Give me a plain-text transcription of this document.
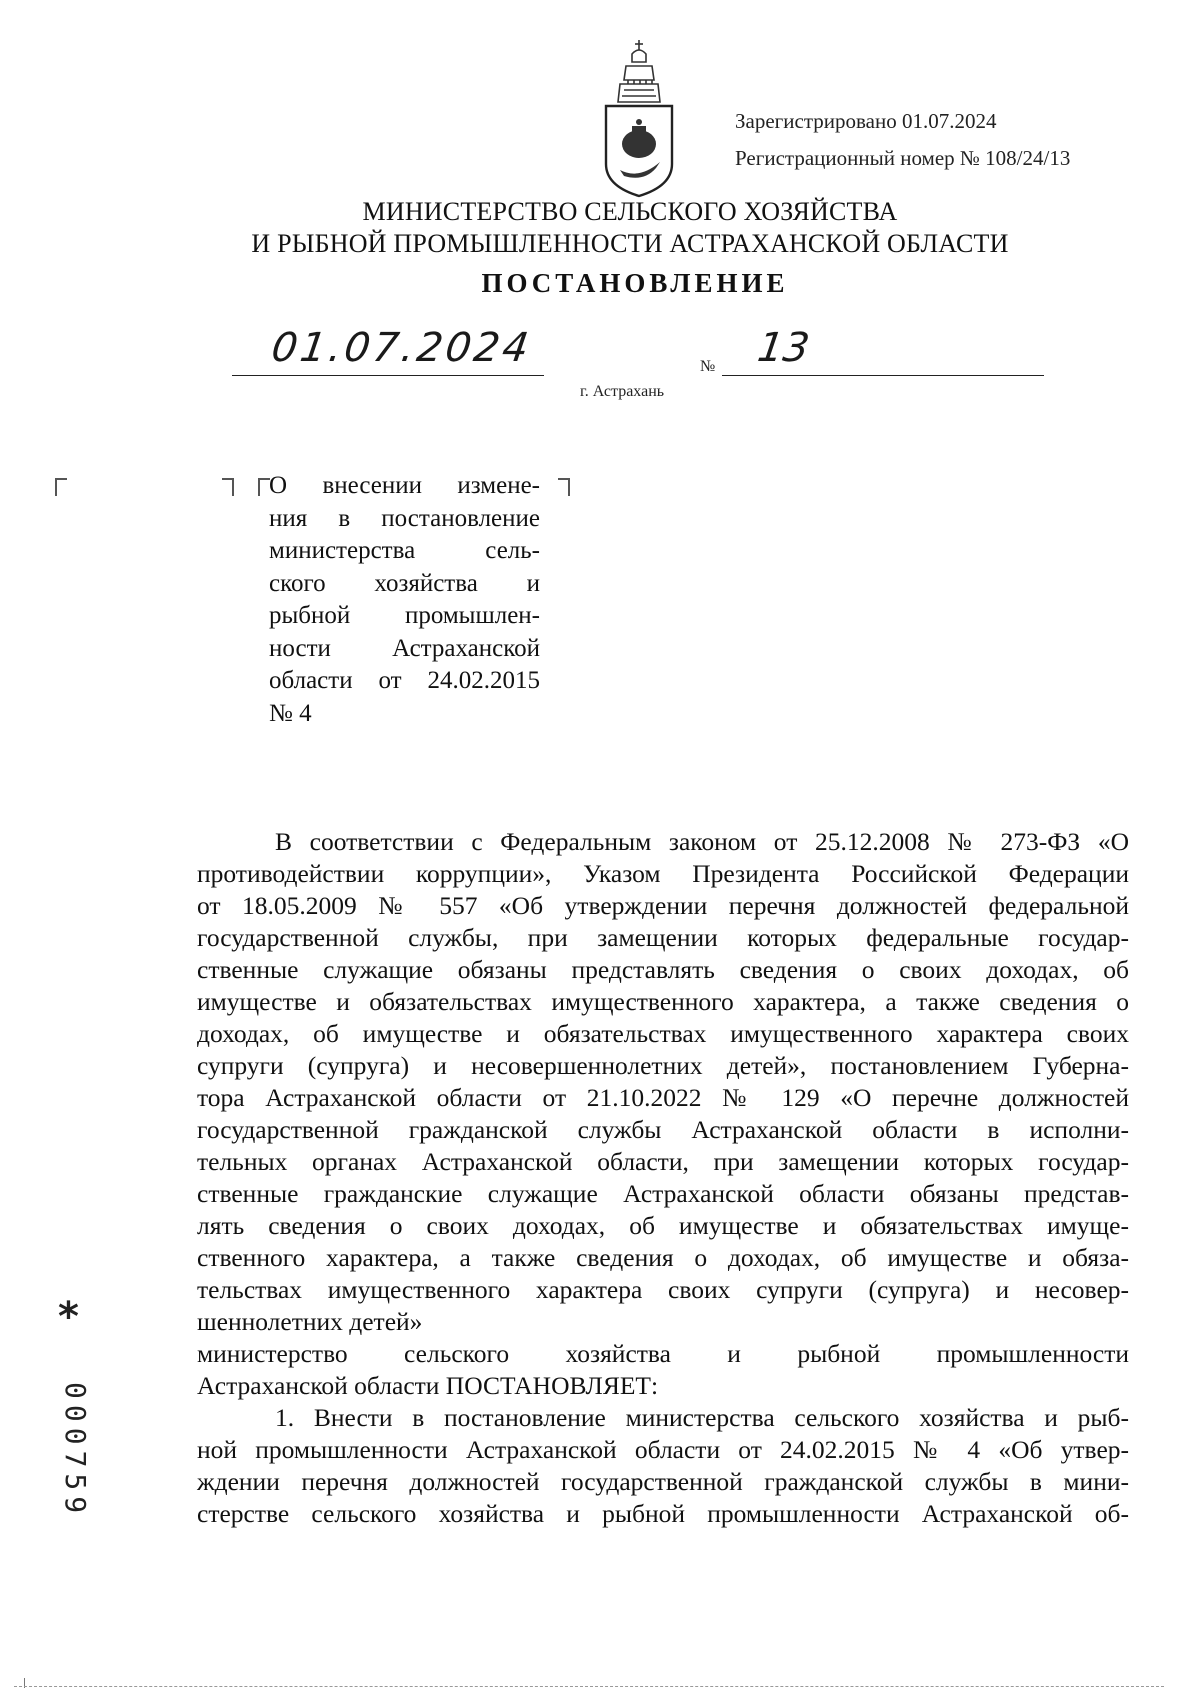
Зарегистрировано 01.07.2024
Регистрационный номер № 108/24/13
МИНИСТЕРСТВО СЕЛЬСКОГО ХОЗЯЙСТВА
И РЫБНОЙ ПРОМЫШЛЕННОСТИ АСТРАХАНСКОЙ ОБЛАСТИ
ПОСТАНОВЛЕНИЕ
01.07.2024	№ 13
г. Астрахань
О внесении измене-
ния в постановление
министерства сель-
ского хозяйства и
рыбной промышлен-
ности Астраханской
области от 24.02.2015
№ 4
В соответствии с Федеральным законом от 25.12.2008 № 273-ФЗ «О
противодействии коррупции», Указом Президента Российской Федерации
от 18.05.2009 № 557 «Об утверждении перечня должностей федеральной
государственной службы, при замещении которых федеральные государ-
ственные служащие обязаны представлять сведения о своих доходах, об
имуществе и обязательствах имущественного характера, а также сведения о
доходах, об имуществе и обязательствах имущественного характера своих
супруги (супруга) и несовершеннолетних детей», постановлением Губерна-
тора Астраханской области от 21.10.2022 № 129 «О перечне должностей
государственной гражданской службы Астраханской области в исполни-
тельных органах Астраханской области, при замещении которых государ-
ственные гражданские служащие Астраханской области обязаны представ-
лять сведения о своих доходах, об имуществе и обязательствах имуще-
ственного характера, а также сведения о доходах, об имуществе и обяза-
тельствах имущественного характера своих супруги (супруга) и несовер-
шеннолетних детей»
министерство сельского хозяйства и рыбной промышленности
Астраханской области ПОСТАНОВЛЯЕТ:
1. Внести в постановление министерства сельского хозяйства и рыб-
ной промышленности Астраханской области от 24.02.2015 № 4 «Об утвер-
ждении перечня должностей государственной гражданской службы в мини-
стерстве сельского хозяйства и рыбной промышленности Астраханской об-
*
000759
